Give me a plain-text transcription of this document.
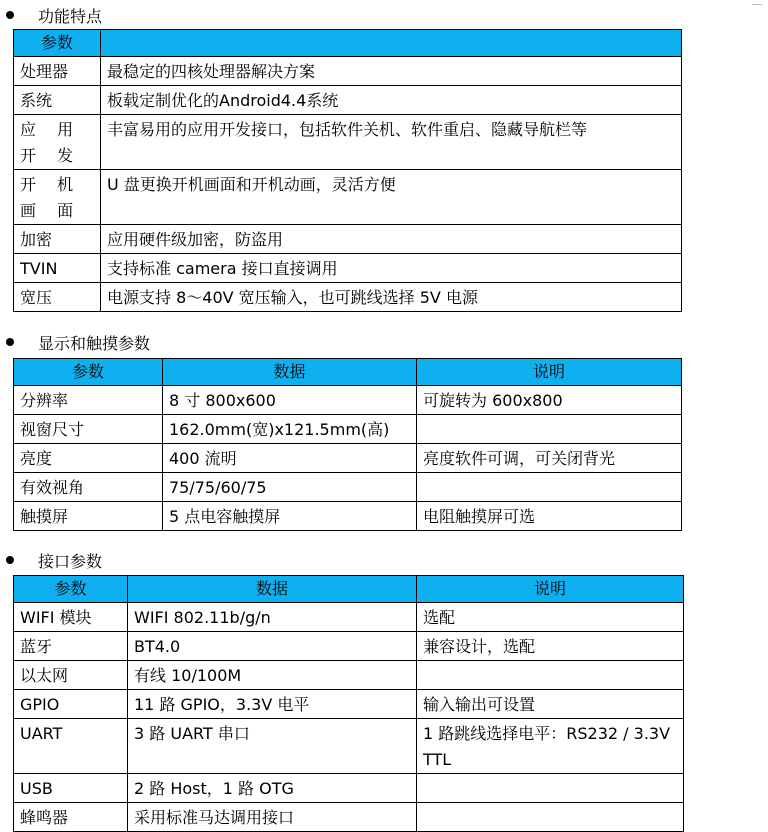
功能特点
参数	
处理器	最稳定的四核处理器解决方案
系统	板载定制优化的Android4.4系统
应 用 开 发	丰富易用的应用开发接口，包括软件关机、软件重启、隐藏导航栏等
开 机 画 面	U 盘更换开机画面和开机动画，灵活方便
加密	应用硬件级加密，防盗用
TVIN	支持标准 camera 接口直接调用
宽压	电源支持 8～40V 宽压输入，也可跳线选择 5V 电源
显示和触摸参数
参数	数据	说明
分辨率	8 寸 800x600	可旋转为 600x800
视窗尺寸	162.0mm(宽)x121.5mm(高)	
亮度	400 流明	亮度软件可调，可关闭背光
有效视角	75/75/60/75	
触摸屏	5 点电容触摸屏	电阻触摸屏可选
接口参数
参数	数据	说明
WIFI 模块	WIFI 802.11b/g/n	选配
蓝牙	BT4.0	兼容设计，选配
以太网	有线 10/100M	
GPIO	11 路 GPIO，3.3V 电平	输入输出可设置
UART	3 路 UART 串口	1 路跳线选择电平：RS232 / 3.3V TTL
USB	2 路 Host，1 路 OTG	
蜂鸣器	采用标准马达调用接口	
